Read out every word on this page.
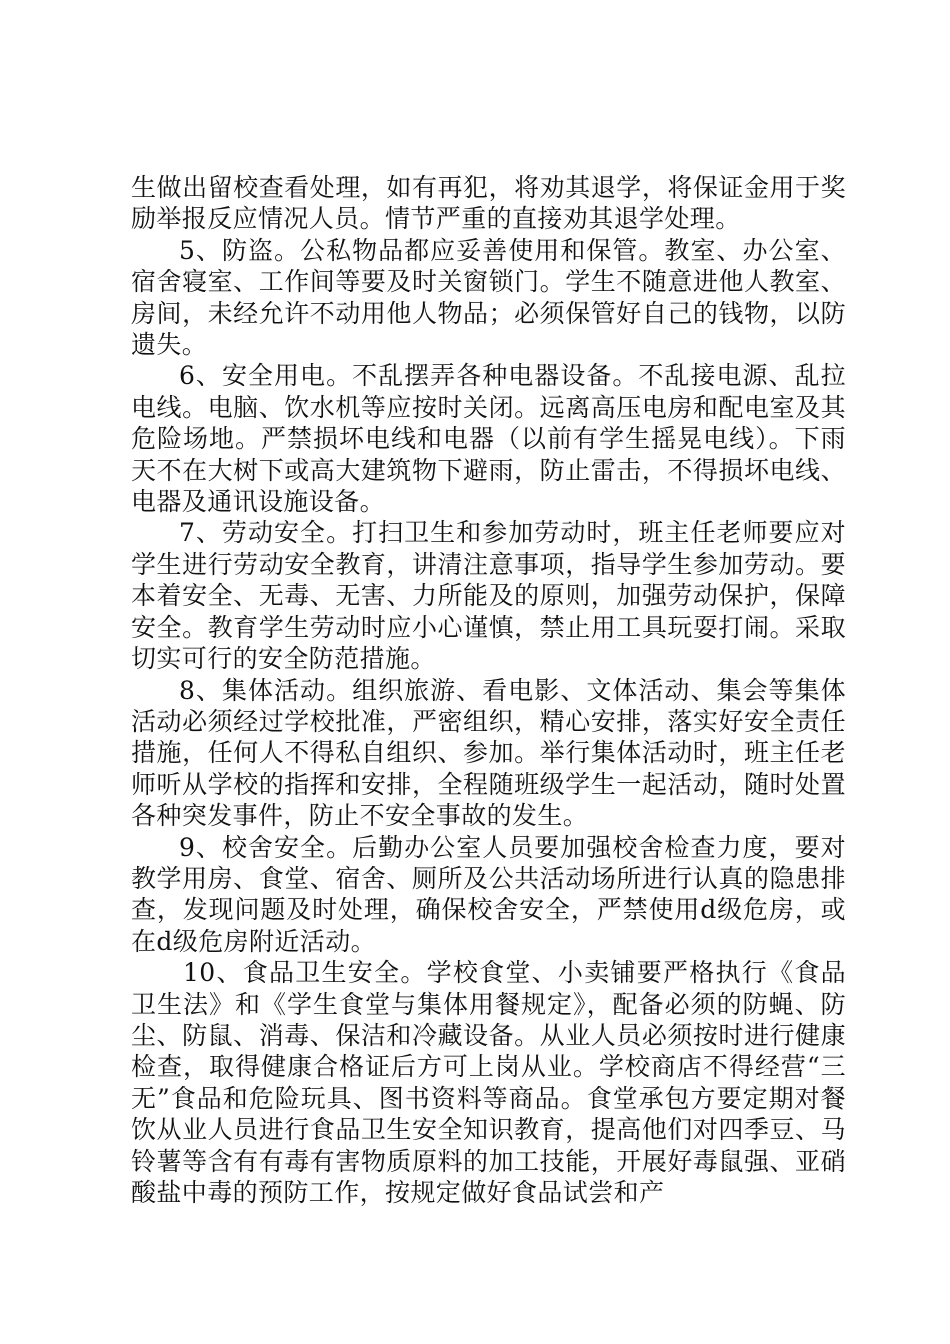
生做出留校查看处理，如有再犯，将劝其退学，将保证金用于奖励举报反应情况人员。情节严重的直接劝其退学处理。

5、防盗。公私物品都应妥善使用和保管。教室、办公室、宿舍寝室、工作间等要及时关窗锁门。学生不随意进他人教室、房间，未经允许不动用他人物品；必须保管好自己的钱物，以防遗失。

6、安全用电。不乱摆弄各种电器设备。不乱接电源、乱拉电线。电脑、饮水机等应按时关闭。远离高压电房和配电室及其危险场地。严禁损坏电线和电器（以前有学生摇晃电线）。下雨天不在大树下或高大建筑物下避雨，防止雷击，不得损坏电线、电器及通讯设施设备。

7、劳动安全。打扫卫生和参加劳动时，班主任老师要应对学生进行劳动安全教育，讲清注意事项，指导学生参加劳动。要本着安全、无毒、无害、力所能及的原则，加强劳动保护，保障安全。教育学生劳动时应小心谨慎，禁止用工具玩耍打闹。采取切实可行的安全防范措施。

8、集体活动。组织旅游、看电影、文体活动、集会等集体活动必须经过学校批准，严密组织，精心安排，落实好安全责任措施，任何人不得私自组织、参加。举行集体活动时，班主任老师听从学校的指挥和安排，全程随班级学生一起活动，随时处置各种突发事件，防止不安全事故的发生。

9、校舍安全。后勤办公室人员要加强校舍检查力度，要对教学用房、食堂、宿舍、厕所及公共活动场所进行认真的隐患排查，发现问题及时处理，确保校舍安全，严禁使用d级危房，或在d级危房附近活动。

10、食品卫生安全。学校食堂、小卖铺要严格执行《食品卫生法》和《学生食堂与集体用餐规定》，配备必须的防蝇、防尘、防鼠、消毒、保洁和冷藏设备。从业人员必须按时进行健康检查，取得健康合格证后方可上岗从业。学校商店不得经营“三无”食品和危险玩具、图书资料等商品。食堂承包方要定期对餐饮从业人员进行食品卫生安全知识教育，提高他们对四季豆、马铃薯等含有有毒有害物质原料的加工技能，开展好毒鼠强、亚硝酸盐中毒的预防工作，按规定做好食品试尝和产
